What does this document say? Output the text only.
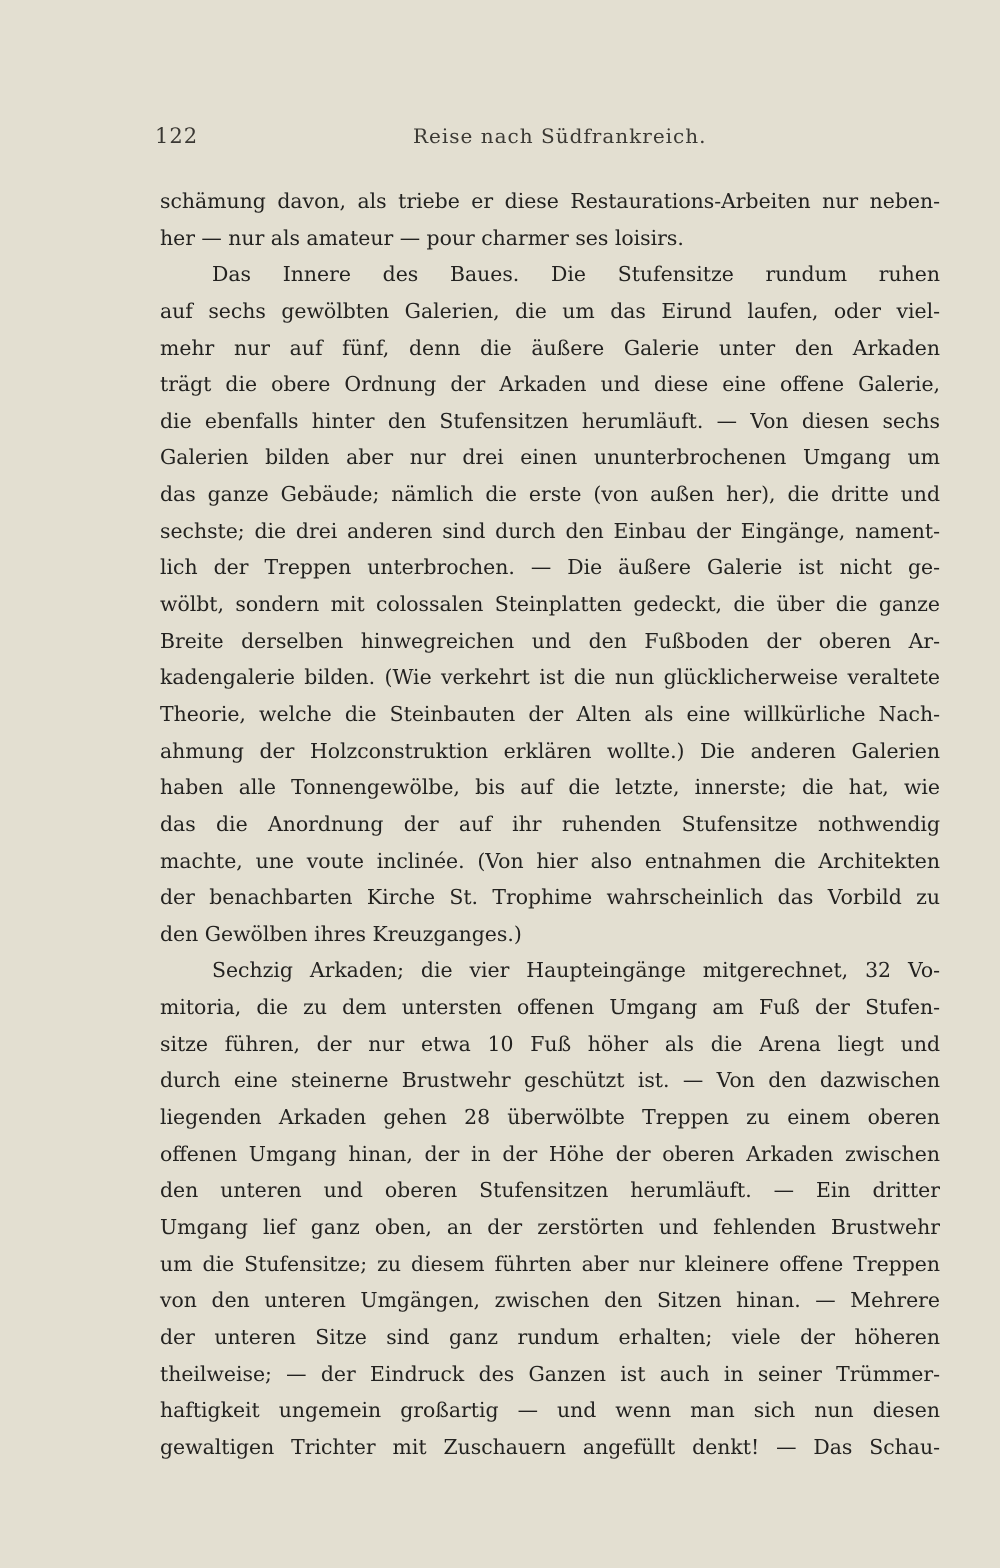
122	Reise nach Südfrankreich.
schämung davon, als triebe er diese Restaurations-Arbeiten nur neben-
her — nur als amateur — pour charmer ses loisirs.
Das Innere des Baues. Die Stufensitze rundum ruhen
auf sechs gewölbten Galerien, die um das Eirund laufen, oder viel-
mehr nur auf fünf, denn die äußere Galerie unter den Arkaden
trägt die obere Ordnung der Arkaden und diese eine offene Galerie,
die ebenfalls hinter den Stufensitzen herumläuft. — Von diesen sechs
Galerien bilden aber nur drei einen ununterbrochenen Umgang um
das ganze Gebäude; nämlich die erste (von außen her), die dritte und
sechste; die drei anderen sind durch den Einbau der Eingänge, nament-
lich der Treppen unterbrochen. — Die äußere Galerie ist nicht ge-
wölbt, sondern mit colossalen Steinplatten gedeckt, die über die ganze
Breite derselben hinwegreichen und den Fußboden der oberen Ar-
kadengalerie bilden. (Wie verkehrt ist die nun glücklicherweise veraltete
Theorie, welche die Steinbauten der Alten als eine willkürliche Nach-
ahmung der Holzconstruktion erklären wollte.) Die anderen Galerien
haben alle Tonnengewölbe, bis auf die letzte, innerste; die hat, wie
das die Anordnung der auf ihr ruhenden Stufensitze nothwendig
machte, une voute inclinée. (Von hier also entnahmen die Architekten
der benachbarten Kirche St. Trophime wahrscheinlich das Vorbild zu
den Gewölben ihres Kreuzganges.)
Sechzig Arkaden; die vier Haupteingänge mitgerechnet, 32 Vo-
mitoria, die zu dem untersten offenen Umgang am Fuß der Stufen-
sitze führen, der nur etwa 10 Fuß höher als die Arena liegt und
durch eine steinerne Brustwehr geschützt ist. — Von den dazwischen
liegenden Arkaden gehen 28 überwölbte Treppen zu einem oberen
offenen Umgang hinan, der in der Höhe der oberen Arkaden zwischen
den unteren und oberen Stufensitzen herumläuft. — Ein dritter
Umgang lief ganz oben, an der zerstörten und fehlenden Brustwehr
um die Stufensitze; zu diesem führten aber nur kleinere offene Treppen
von den unteren Umgängen, zwischen den Sitzen hinan. — Mehrere
der unteren Sitze sind ganz rundum erhalten; viele der höheren
theilweise; — der Eindruck des Ganzen ist auch in seiner Trümmer-
haftigkeit ungemein großartig — und wenn man sich nun diesen
gewaltigen Trichter mit Zuschauern angefüllt denkt! — Das Schau-
